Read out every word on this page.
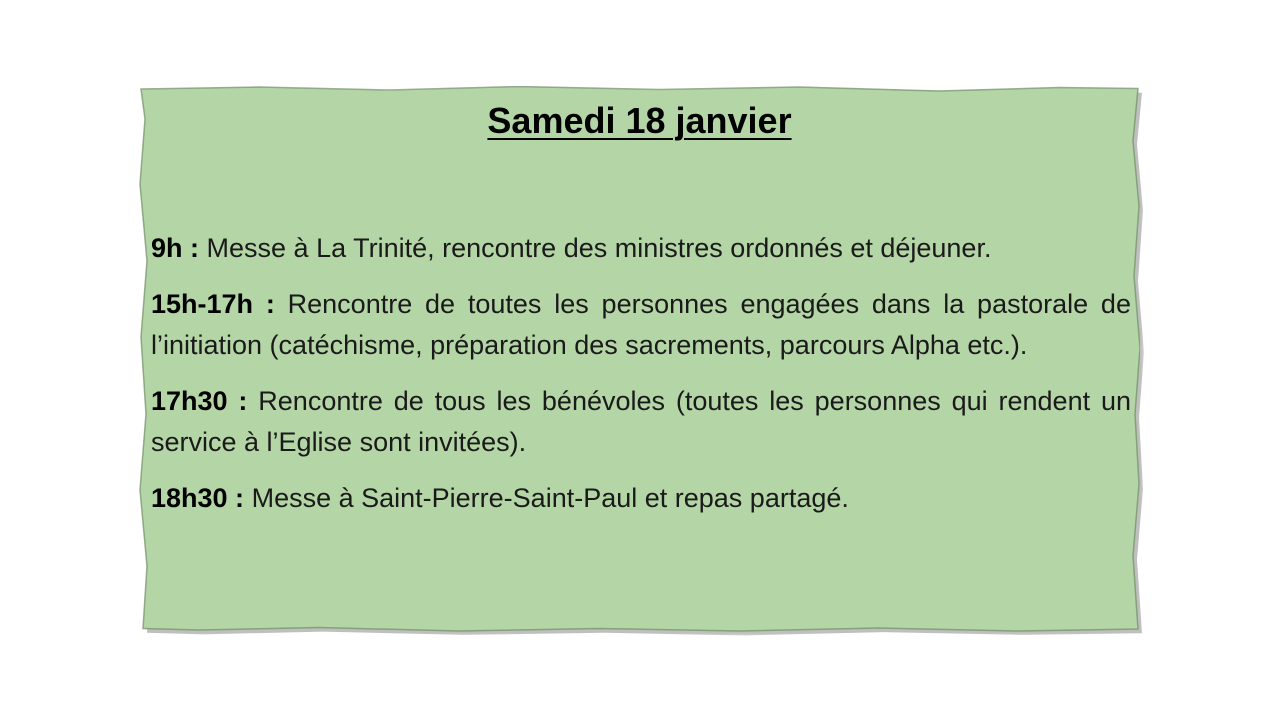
Samedi 18 janvier
9h : Messe à La Trinité, rencontre des ministres ordonnés et déjeuner.
15h-17h : Rencontre de toutes les personnes engagées dans la pastorale de l’initiation (catéchisme, préparation des sacrements, parcours Alpha etc.).
17h30 : Rencontre de tous les bénévoles (toutes les personnes qui rendent un service à l’Eglise sont invitées).
18h30 : Messe à Saint-Pierre-Saint-Paul et repas partagé.
